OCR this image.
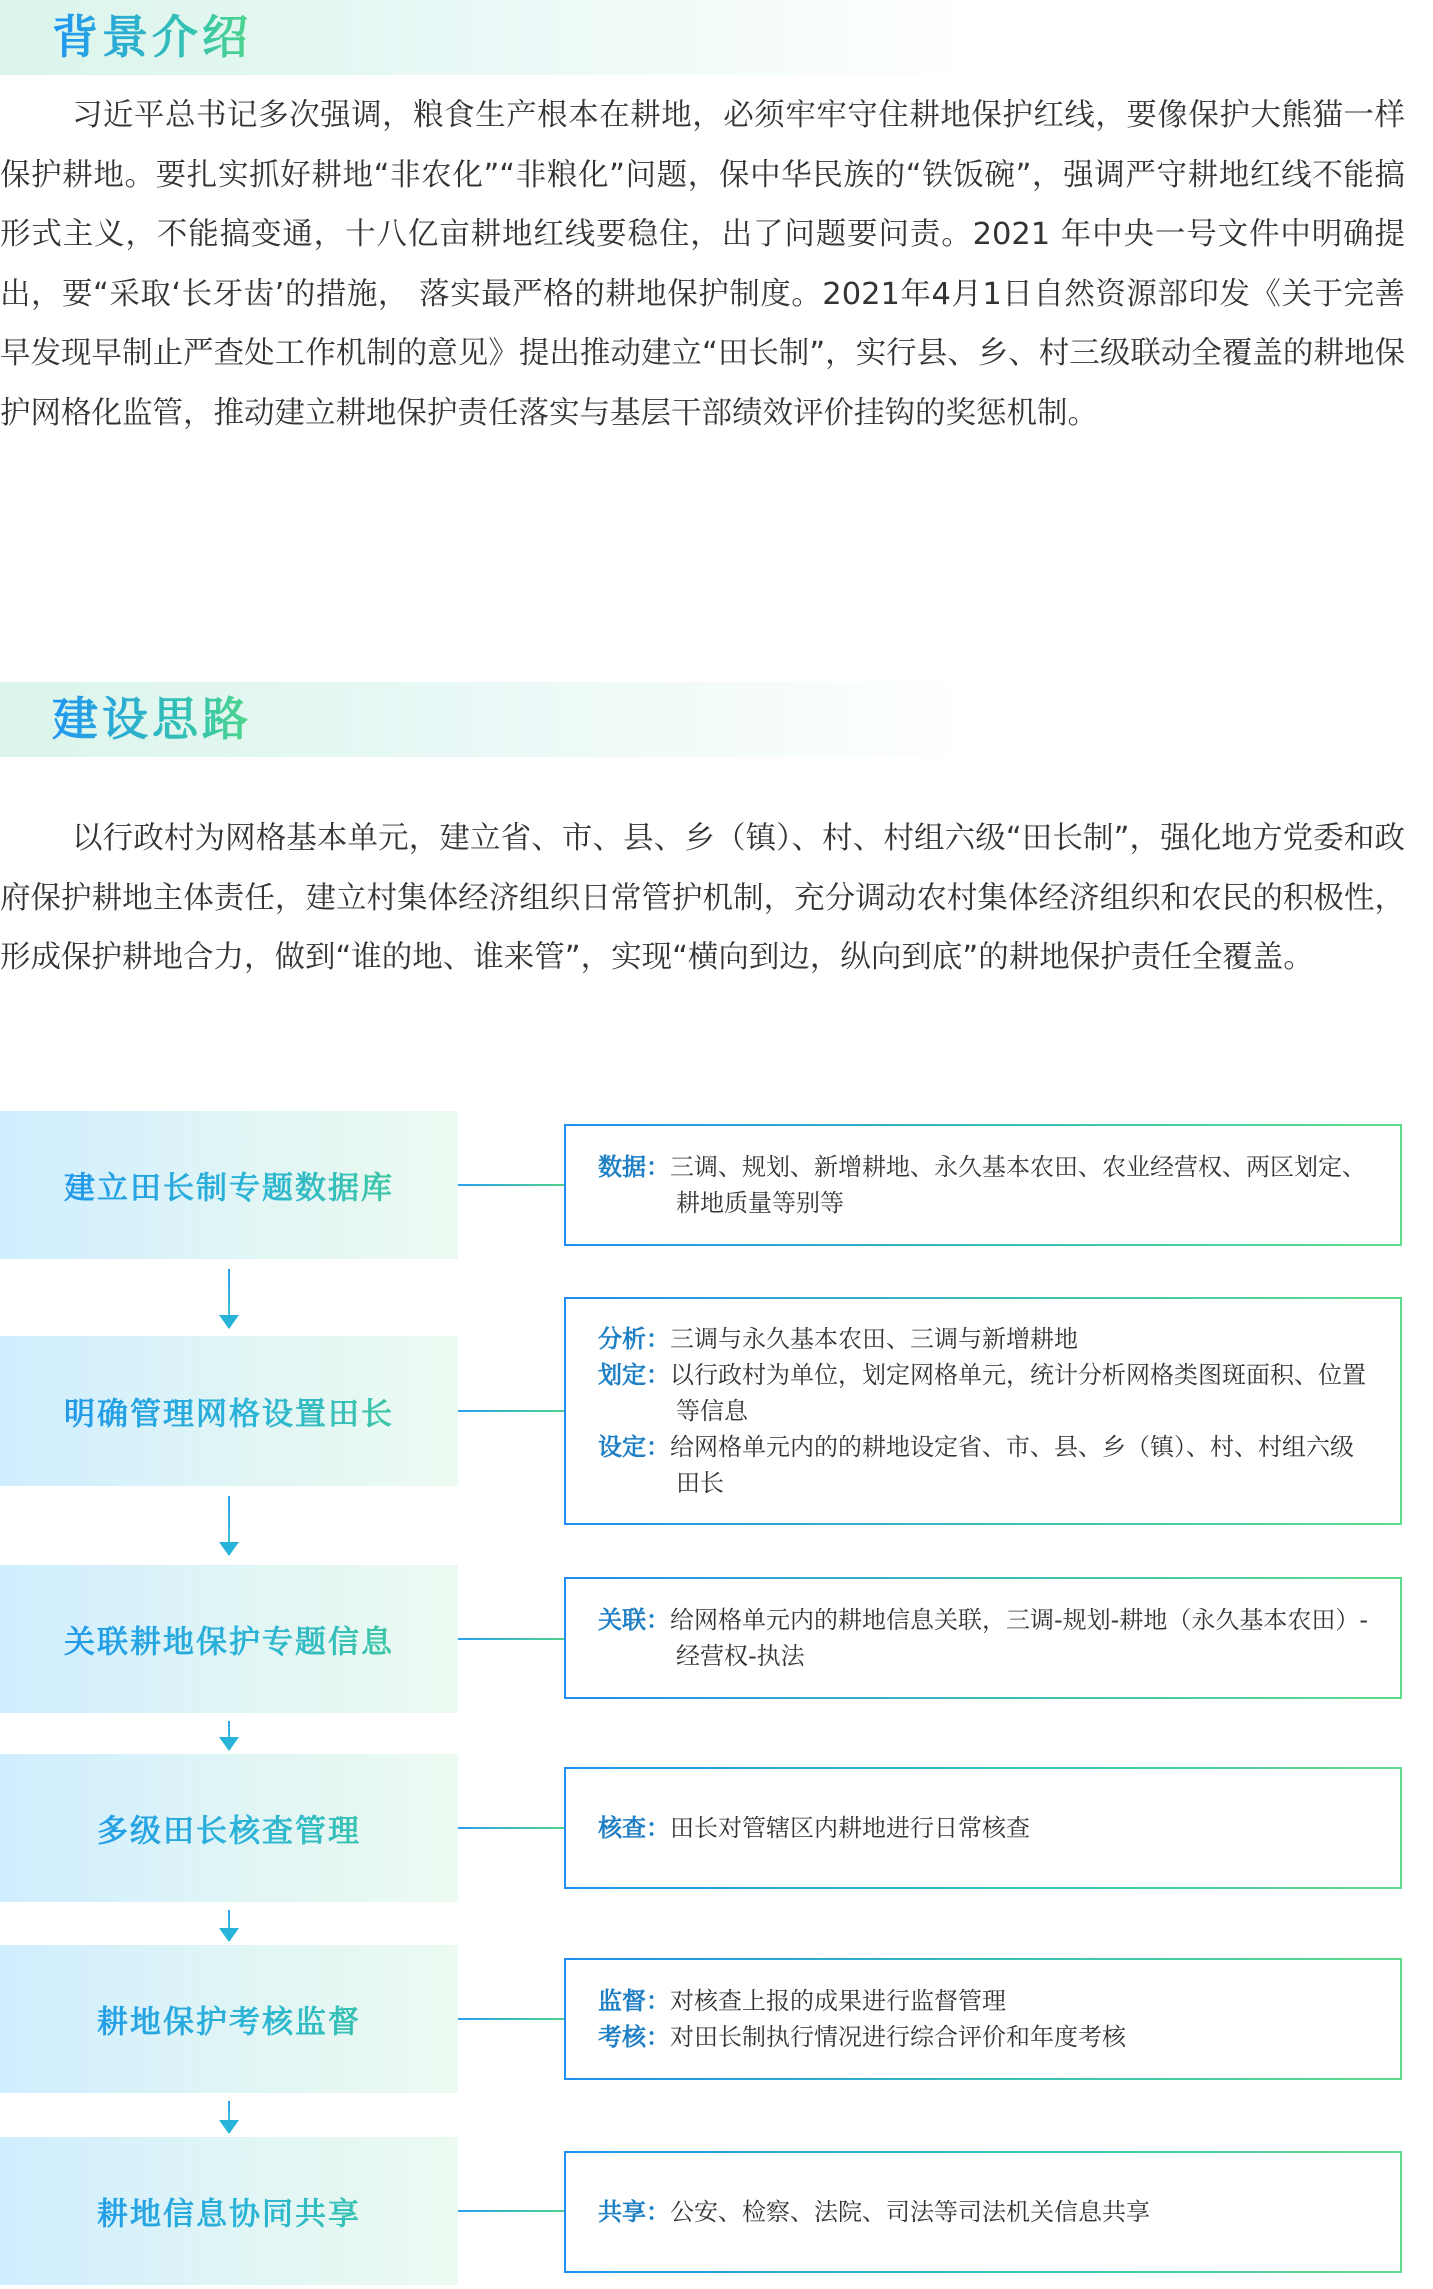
背景介绍

习近平总书记多次强调，粮食生产根本在耕地，必须牢牢守住耕地保护红线，要像保护大熊猫一样保护耕地。要扎实抓好耕地“非农化”“非粮化”问题，保中华民族的“铁饭碗”，强调严守耕地红线不能搞形式主义，不能搞变通，十八亿亩耕地红线要稳住，出了问题要问责。2021 年中央一号文件中明确提出，要“采取‘长牙齿’的措施， 落实最严格的耕地保护制度。2021年4月1日自然资源部印发《关于完善早发现早制止严查处工作机制的意见》提出推动建立“田长制”，实行县、乡、村三级联动全覆盖的耕地保护网格化监管，推动建立耕地保护责任落实与基层干部绩效评价挂钩的奖惩机制。

建设思路

以行政村为网格基本单元，建立省、市、县、乡（镇）、村、村组六级“田长制”，强化地方党委和政府保护耕地主体责任，建立村集体经济组织日常管护机制，充分调动农村集体经济组织和农民的积极性，形成保护耕地合力，做到“谁的地、谁来管”，实现“横向到边，纵向到底”的耕地保护责任全覆盖。

建立田长制专题数据库

数据：三调、规划、新增耕地、永久基本农田、农业经营权、两区划定、耕地质量等别等

明确管理网格设置田长

分析：三调与永久基本农田、三调与新增耕地

划定：以行政村为单位，划定网格单元，统计分析网格类图斑面积、位置等信息

设定：给网格单元内的的耕地设定省、市、县、乡（镇）、村、村组六级田长

关联耕地保护专题信息

关联：给网格单元内的耕地信息关联，三调-规划-耕地（永久基本农田）-经营权-执法

多级田长核查管理	核查：田长对管辖区内耕地进行日常核查

耕地保护考核监督

监督：对核查上报的成果进行监督管理

考核：对田长制执行情况进行综合评价和年度考核

耕地信息协同共享	共享：公安、检察、法院、司法等司法机关信息共享
